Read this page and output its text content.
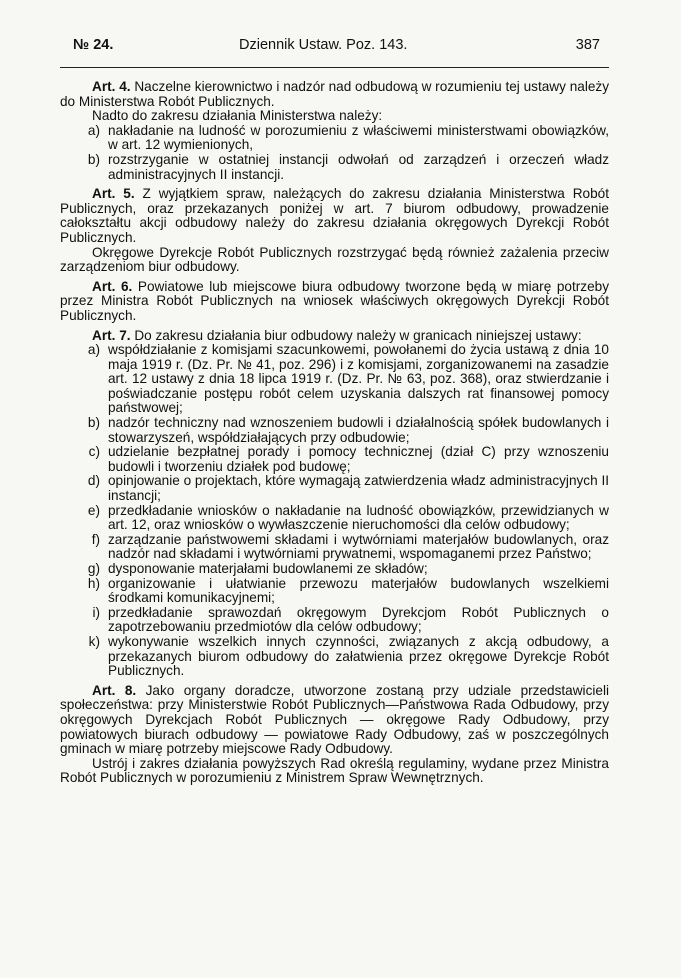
№ 24.	Dziennik Ustaw. Poz. 143.	387

Art. 4. Naczelne kierownictwo i nadzór nad odbudową w rozumieniu tej ustawy należy do Ministerstwa Robót Publicznych.

Nadto do zakresu działania Ministerstwa należy:

a) nakładanie na ludność w porozumieniu z właściwemi ministerstwami obowiązków, w art. 12 wymienionych,
b) rozstrzyganie w ostatniej instancji odwołań od zarządzeń i orzeczeń władz administracyjnych II instancji.

Art. 5. Z wyjątkiem spraw, należących do zakresu działania Ministerstwa Robót Publicznych, oraz przekazanych poniżej w art. 7 biurom odbudowy, prowadzenie całokształtu akcji odbudowy należy do zakresu działania okręgowych Dyrekcji Robót Publicznych.

Okręgowe Dyrekcje Robót Publicznych rozstrzygać będą również zażalenia przeciw zarządzeniom biur odbudowy.

Art. 6. Powiatowe lub miejscowe biura odbudowy tworzone będą w miarę potrzeby przez Ministra Robót Publicznych na wniosek właściwych okręgowych Dyrekcji Robót Publicznych.

Art. 7. Do zakresu działania biur odbudowy należy w granicach niniejszej ustawy:

a) współdziałanie z komisjami szacunkowemi, powołanemi do życia ustawą z dnia 10 maja 1919 r. (Dz. Pr. № 41, poz. 296) i z komisjami, zorganizowanemi na zasadzie art. 12 ustawy z dnia 18 lipca 1919 r. (Dz. Pr. № 63, poz. 368), oraz stwierdzanie i poświadczanie postępu robót celem uzyskania dalszych rat finansowej pomocy państwowej;
b) nadzór techniczny nad wznoszeniem budowli i działalnością spółek budowlanych i stowarzyszeń, współdziałających przy odbudowie;
c) udzielanie bezpłatnej porady i pomocy technicznej (dział C) przy wznoszeniu budowli i tworzeniu działek pod budowę;
d) opinjowanie o projektach, które wymagają zatwierdzenia władz administracyjnych II instancji;
e) przedkładanie wniosków o nakładanie na ludność obowiązków, przewidzianych w art. 12, oraz wniosków o wywłaszczenie nieruchomości dla celów odbudowy;
f) zarządzanie państwowemi składami i wytwórniami materjałów budowlanych, oraz nadzór nad składami i wytwórniami prywatnemi, wspomaganemi przez Państwo;
g) dysponowanie materjałami budowlanemi ze składów;
h) organizowanie i ułatwianie przewozu materjałów budowlanych wszelkiemi środkami komunikacyjnemi;
i) przedkładanie sprawozdań okręgowym Dyrekcjom Robót Publicznych o zapotrzebowaniu przedmiotów dla celów odbudowy;
k) wykonywanie wszelkich innych czynności, związanych z akcją odbudowy, a przekazanych biurom odbudowy do załatwienia przez okręgowe Dyrekcje Robót Publicznych.

Art. 8. Jako organy doradcze, utworzone zostaną przy udziale przedstawicieli społeczeństwa: przy Ministerstwie Robót Publicznych—Państwowa Rada Odbudowy, przy okręgowych Dyrekcjach Robót Publicznych — okręgowe Rady Odbudowy, przy powiatowych biurach odbudowy — powiatowe Rady Odbudowy, zaś w poszczególnych gminach w miarę potrzeby miejscowe Rady Odbudowy.

Ustrój i zakres działania powyższych Rad określą regulaminy, wydane przez Ministra Robót Publicznych w porozumieniu z Ministrem Spraw Wewnętrznych.
